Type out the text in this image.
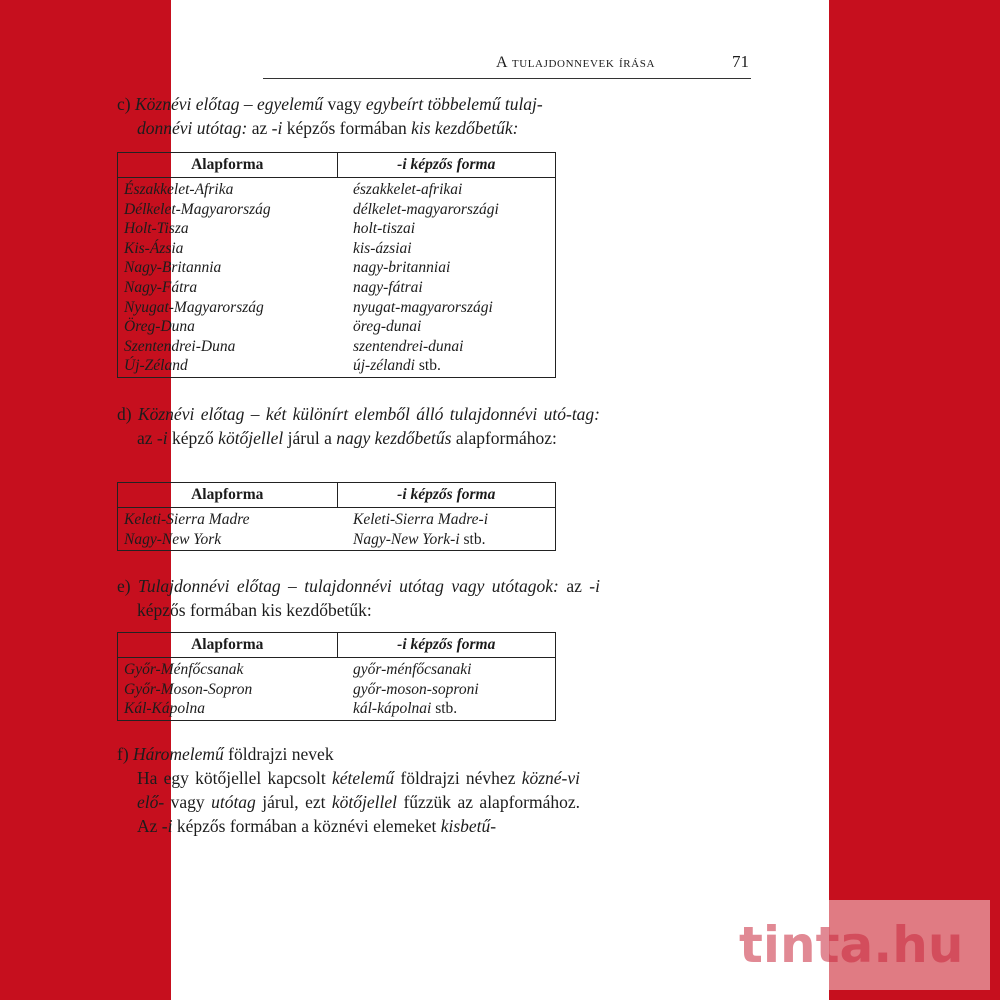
A tulajdonnevek írása	71

c) Köznévi előtag – egyelemű vagy egybeírt többelemű tulaj-
donnévi utótag: az -i képzős formában kis kezdőbetűk:

Alapforma	-i képzős forma
Északkelet-Afrika	északkelet-afrikai
Délkelet-Magyarország	délkelet-magyarországi
Holt-Tisza	holt-tiszai
Kis-Ázsia	kis-ázsiai
Nagy-Britannia	nagy-britanniai
Nagy-Fátra	nagy-fátrai
Nyugat-Magyarország	nyugat-magyarországi
Öreg-Duna	öreg-dunai
Szentendrei-Duna	szentendrei-dunai
Új-Zéland	új-zélandi stb.

d) Köznévi előtag – két különírt elemből álló tulajdonnévi utó-tag: az -i képző kötőjellel járul a nagy kezdőbetűs alapformához:

Alapforma	-i képzős forma
Keleti-Sierra Madre	Keleti-Sierra Madre-i
Nagy-New York	Nagy-New York-i stb.

e) Tulajdonnévi előtag – tulajdonnévi utótag vagy utótagok: az -i képzős formában kis kezdőbetűk:

Alapforma	-i képzős forma
Győr-Ménfőcsanak	győr-ménfőcsanaki
Győr-Moson-Sopron	győr-moson-soproni
Kál-Kápolna	kál-kápolnai stb.

f) Háromelemű földrajzi nevek

Ha egy kötőjellel kapcsolt kételemű földrajzi névhez közné-vi elő- vagy utótag járul, ezt kötőjellel fűzzük az alapformához. Az -i képzős formában a köznévi elemeket kisbetű-

tinta.hu
